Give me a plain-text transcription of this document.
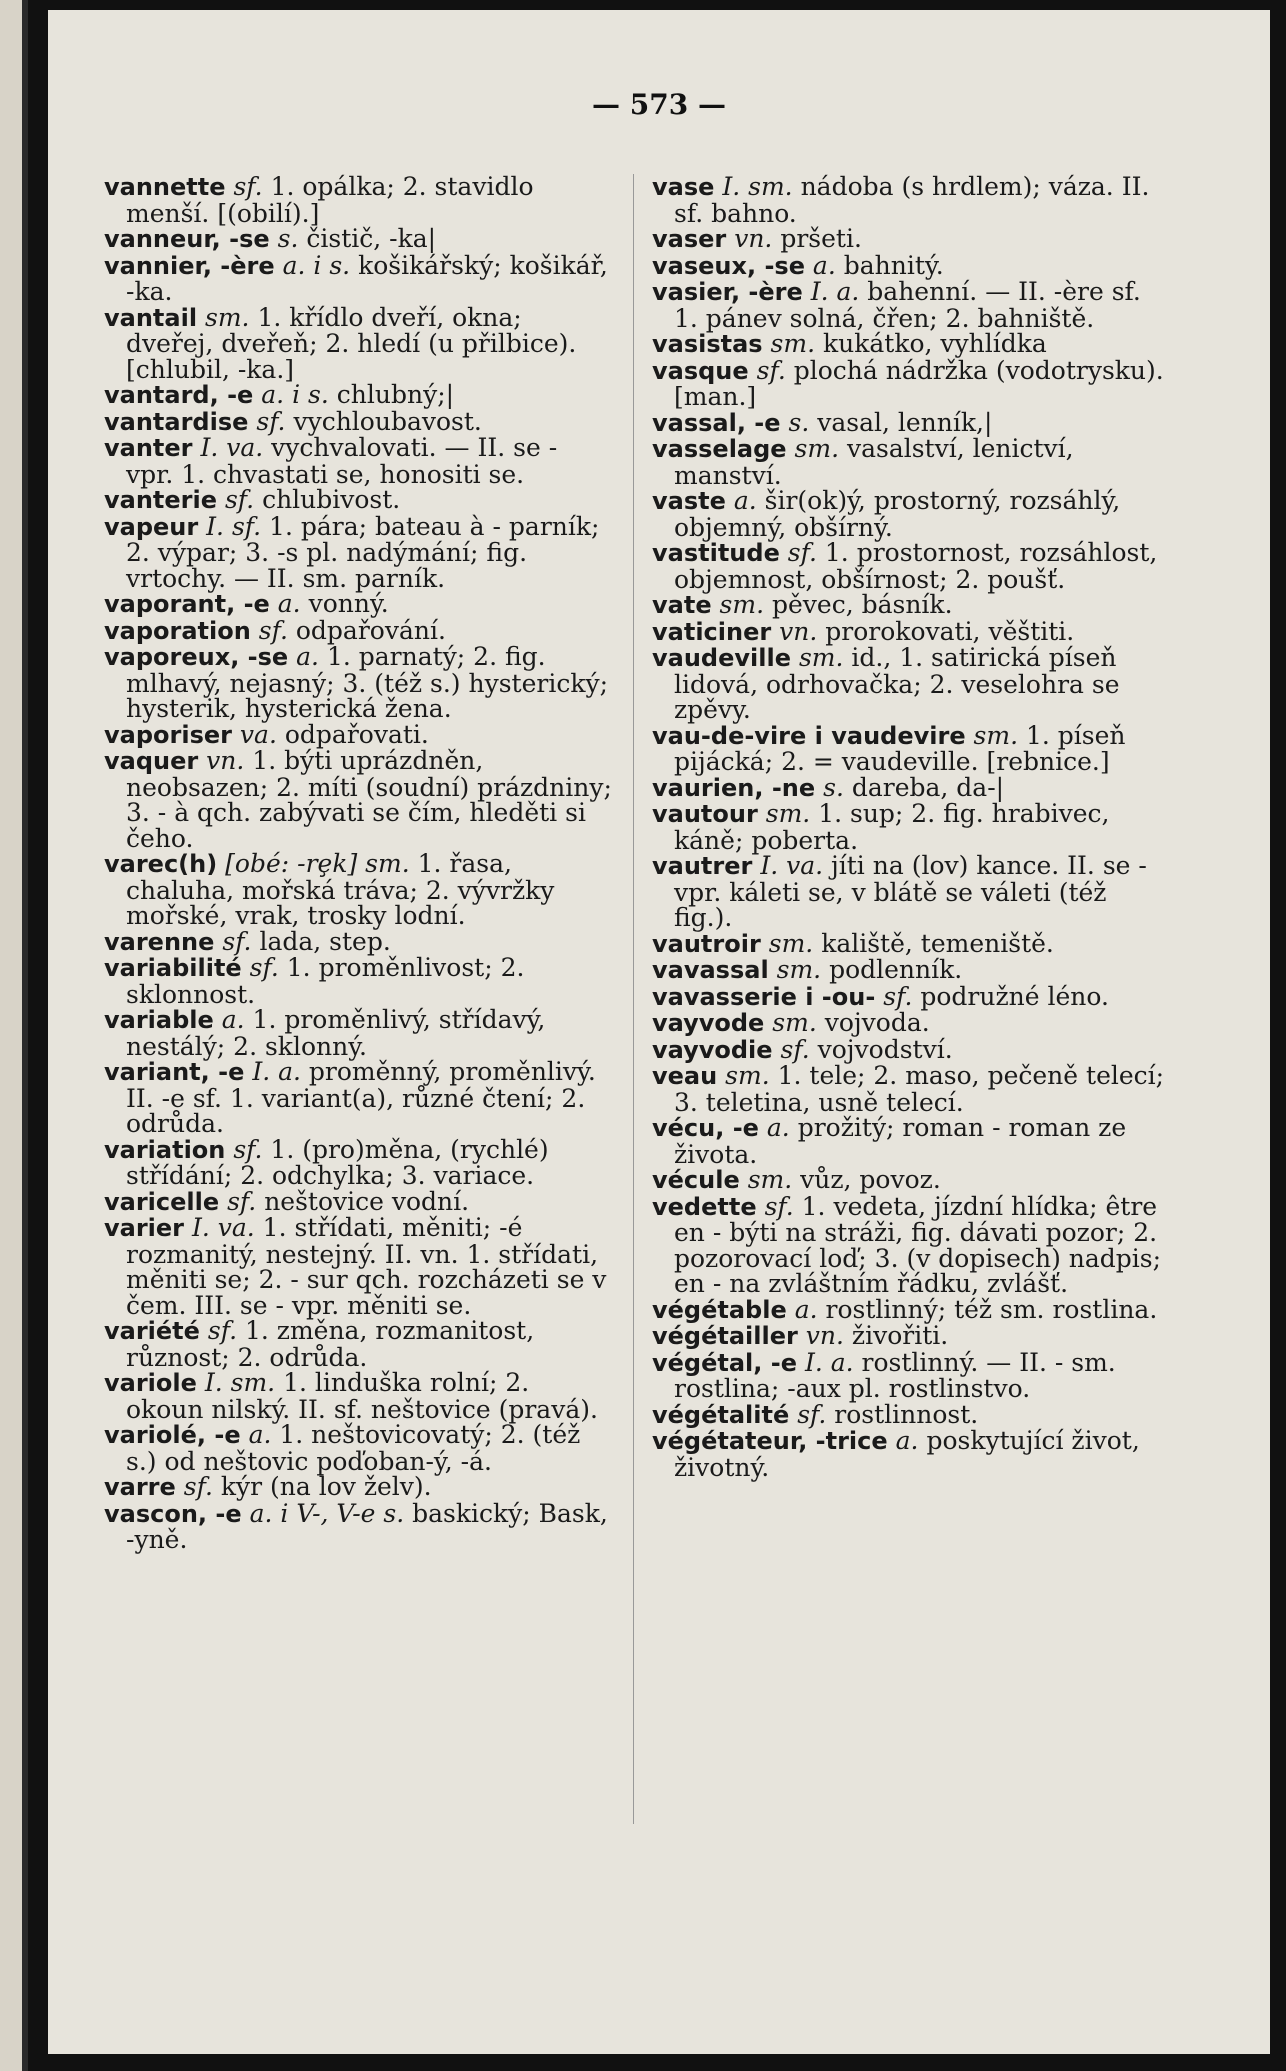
— 573 —

vannette sf. 1. opálka; 2. stavidlo menší. [(obilí).]

vanneur, -se s. čistič, -ka|

vannier, -ère a. i s. košikářský; košikář, -ka.

vantail sm. 1. křídlo dveří, okna; dveřej, dveřeň; 2. hledí (u přilbice). [chlubil, -ka.]

vantard, -e a. i s. chlubný;|

vantardise sf. vychloubavost.

vanter I. va. vychvalovati. — II. se - vpr. 1. chvastati se, honositi se.

vanterie sf. chlubivost.

vapeur I. sf. 1. pára; bateau à - parník; 2. výpar; 3. -s pl. nadýmání; fig. vrtochy. — II. sm. parník.

vaporant, -e a. vonný.

vaporation sf. odpařování.

vaporeux, -se a. 1. parnatý; 2. fig. mlhavý, nejasný; 3. (též s.) hysterický; hysterik, hysterická žena.

vaporiser va. odpařovati.

vaquer vn. 1. býti uprázdněn, neobsazen; 2. míti (soudní) prázdniny; 3. - à qch. zabývati se čím, hleděti si čeho.

varec(h) [obé: -rȩk] sm. 1. řasa, chaluha, mořská tráva; 2. vývržky mořské, vrak, trosky lodní.

varenne sf. lada, step.

variabilité sf. 1. proměnlivost; 2. sklonnost.

variable a. 1. proměnlivý, střídavý, nestálý; 2. sklonný.

variant, -e I. a. proměnný, proměnlivý. II. -e sf. 1. variant(a), různé čtení; 2. odrůda.

variation sf. 1. (pro)měna, (rychlé) střídání; 2. odchylka; 3. variace.

varicelle sf. neštovice vodní.

varier I. va. 1. střídati, měniti; -é rozmanitý, nestejný. II. vn. 1. střídati, měniti se; 2. - sur qch. rozcházeti se v čem. III. se - vpr. měniti se.

variété sf. 1. změna, rozmanitost, různost; 2. odrůda.

variole I. sm. 1. linduška rolní; 2. okoun nilský. II. sf. neštovice (pravá).

variolé, -e a. 1. neštovicovatý; 2. (též s.) od neštovic poďoban-ý, -á.

varre sf. kýr (na lov želv).

vascon, -e a. i V-, V-e s. baskický; Bask, -yně.

vase I. sm. nádoba (s hrdlem); váza. II. sf. bahno.

vaser vn. pršeti.

vaseux, -se a. bahnitý.

vasier, -ère I. a. bahenní. — II. -ère sf. 1. pánev solná, čřen; 2. bahniště.

vasistas sm. kukátko, vyhlídka

vasque sf. plochá nádržka (vodotrysku). [man.]

vassal, -e s. vasal, lenník,|

vasselage sm. vasalství, lenictví, manství.

vaste a. šir(ok)ý, prostorný, rozsáhlý, objemný, obšírný.

vastitude sf. 1. prostornost, rozsáhlost, objemnost, obšírnost; 2. poušť.

vate sm. pěvec, básník.

vaticiner vn. prorokovati, věštiti.

vaudeville sm. id., 1. satirická píseň lidová, odrhovačka; 2. veselohra se zpěvy.

vau-de-vire i vaudevire sm. 1. píseň pijácká; 2. = vaudeville. [rebnice.]

vaurien, -ne s. dareba, da-|

vautour sm. 1. sup; 2. fig. hrabivec, káně; poberta.

vautrer I. va. jíti na (lov) kance. II. se - vpr. káleti se, v blátě se váleti (též fig.).

vautroir sm. kaliště, temeniště.

vavassal sm. podlenník.

vavasserie i -ou- sf. podružné léno.

vayvode sm. vojvoda.

vayvodie sf. vojvodství.

veau sm. 1. tele; 2. maso, pečeně telecí; 3. teletina, usně telecí.

vécu, -e a. prožitý; roman - roman ze života.

vécule sm. vůz, povoz.

vedette sf. 1. vedeta, jízdní hlídka; être en - býti na stráži, fig. dávati pozor; 2. pozorovací loď; 3. (v dopisech) nadpis; en - na zvláštním řádku, zvlášť.

végétable a. rostlinný; též sm. rostlina.

végétailler vn. živořiti.

végétal, -e I. a. rostlinný. — II. - sm. rostlina; -aux pl. rostlinstvo.

végétalité sf. rostlinnost.

végétateur, -trice a. poskytující život, životný.
